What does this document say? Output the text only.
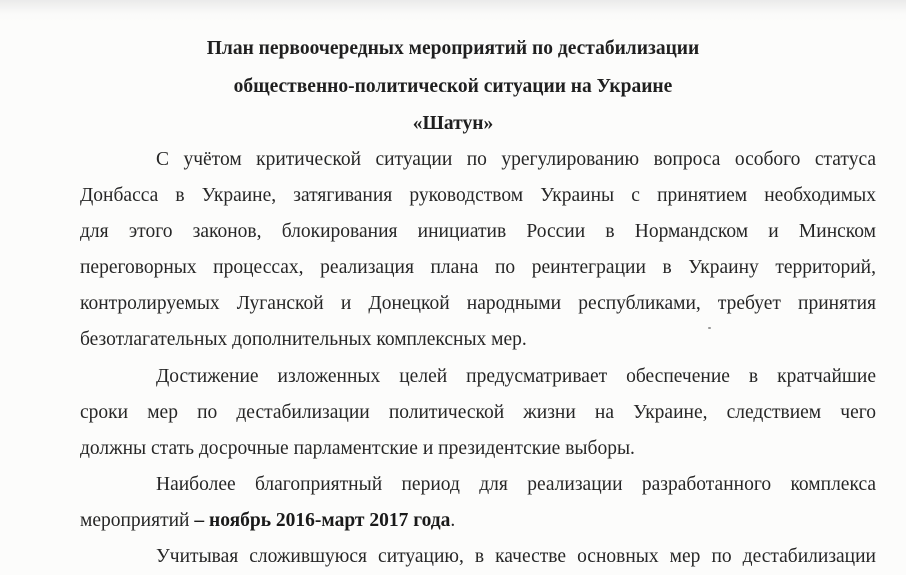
План первоочередных мероприятий по дестабилизации
общественно-политической ситуации на Украине
«Шатун»
С учётом критической ситуации по урегулированию вопроса особого статуса
Донбасса в Украине, затягивания руководством Украины с принятием необходимых
для этого законов, блокирования инициатив России в Нормандском и Минском
переговорных процессах, реализация плана по реинтеграции в Украину территорий,
контролируемых Луганской и Донецкой народными республиками, требует принятия
безотлагательных дополнительных комплексных мер.
Достижение изложенных целей предусматривает обеспечение в кратчайшие
сроки мер по дестабилизации политической жизни на Украине, следствием чего
должны стать досрочные парламентские и президентские выборы.
Наиболее благоприятный период для реализации разработанного комплекса
мероприятий – ноябрь 2016-март 2017 года.
Учитывая сложившуюся ситуацию, в качестве основных мер по дестабилизации
